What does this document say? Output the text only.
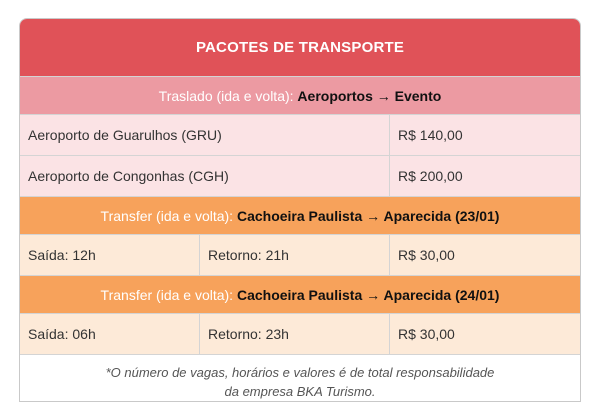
PACOTES DE TRANSPORTE
Traslado (ida e volta):
Aeroportos → Evento
Aeroporto de Guarulhos (GRU)	R$ 140,00
Aeroporto de Congonhas (CGH)	R$ 200,00
Transfer (ida e volta):
Cachoeira Paulista → Aparecida (23/01)
Saída: 12h	Retorno: 21h	R$ 30,00
Transfer (ida e volta):
Cachoeira Paulista → Aparecida (24/01)
Saída: 06h	Retorno: 23h	R$ 30,00
*O número de vagas, horários e valores é de total responsabilidade
da empresa BKA Turismo.
